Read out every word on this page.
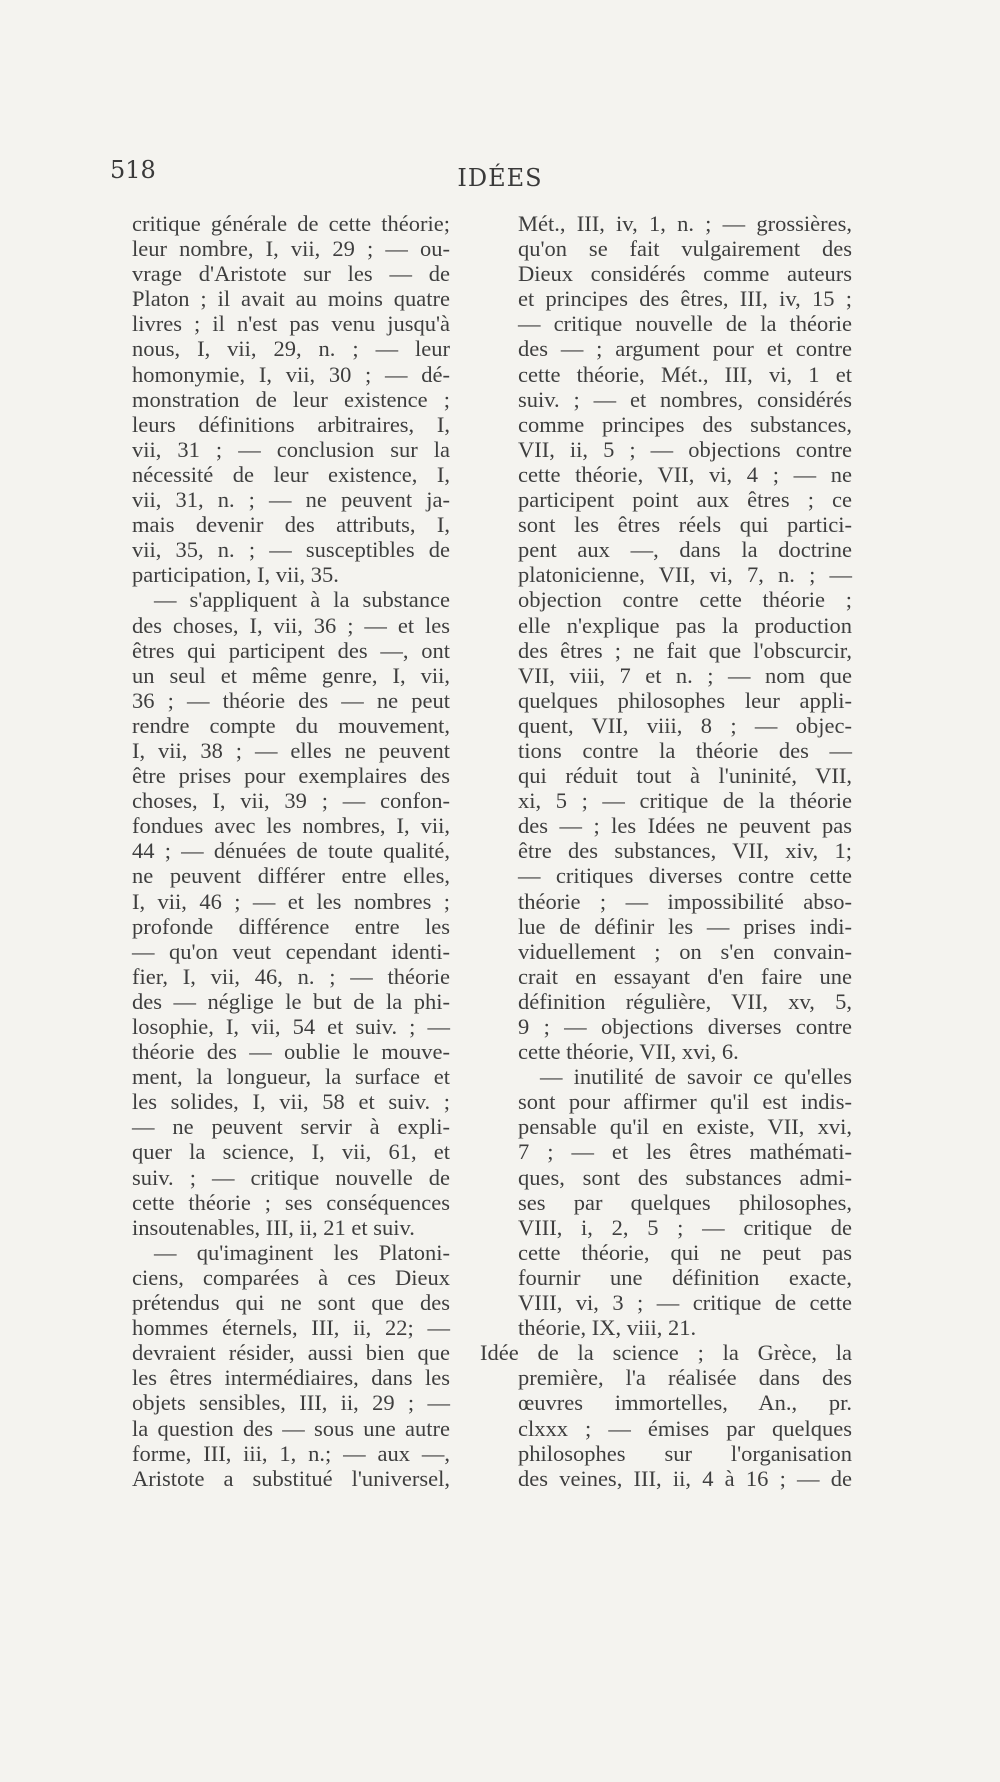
518	IDÉES
critique générale de cette théorie;
leur nombre, I, vii, 29 ; — ou-
vrage d'Aristote sur les — de
Platon ; il avait au moins quatre
livres ; il n'est pas venu jusqu'à
nous, I, vii, 29, n. ; — leur
homonymie, I, vii, 30 ; — dé-
monstration de leur existence ;
leurs définitions arbitraires, I,
vii, 31 ; — conclusion sur la
nécessité de leur existence, I,
vii, 31, n. ; — ne peuvent ja-
mais devenir des attributs, I,
vii, 35, n. ; — susceptibles de
participation, I, vii, 35.
— s'appliquent à la substance
des choses, I, vii, 36 ; — et les
êtres qui participent des —, ont
un seul et même genre, I, vii,
36 ; — théorie des — ne peut
rendre compte du mouvement,
I, vii, 38 ; — elles ne peuvent
être prises pour exemplaires des
choses, I, vii, 39 ; — confon-
fondues avec les nombres, I, vii,
44 ; — dénuées de toute qualité,
ne peuvent différer entre elles,
I, vii, 46 ; — et les nombres ;
profonde différence entre les
— qu'on veut cependant identi-
fier, I, vii, 46, n. ; — théorie
des — néglige le but de la phi-
losophie, I, vii, 54 et suiv. ; —
théorie des — oublie le mouve-
ment, la longueur, la surface et
les solides, I, vii, 58 et suiv. ;
— ne peuvent servir à expli-
quer la science, I, vii, 61, et
suiv. ; — critique nouvelle de
cette théorie ; ses conséquences
insoutenables, III, ii, 21 et suiv.
— qu'imaginent les Platoni-
ciens, comparées à ces Dieux
prétendus qui ne sont que des
hommes éternels, III, ii, 22; —
devraient résider, aussi bien que
les êtres intermédiaires, dans les
objets sensibles, III, ii, 29 ; —
la question des — sous une autre
forme, III, iii, 1, n.; — aux —,
Aristote a substitué l'universel,
Mét., III, iv, 1, n. ; — grossières,
qu'on se fait vulgairement des
Dieux considérés comme auteurs
et principes des êtres, III, iv, 15 ;
— critique nouvelle de la théorie
des — ; argument pour et contre
cette théorie, Mét., III, vi, 1 et
suiv. ; — et nombres, considérés
comme principes des substances,
VII, ii, 5 ; — objections contre
cette théorie, VII, vi, 4 ; — ne
participent point aux êtres ; ce
sont les êtres réels qui partici-
pent aux —, dans la doctrine
platonicienne, VII, vi, 7, n. ; —
objection contre cette théorie ;
elle n'explique pas la production
des êtres ; ne fait que l'obscurcir,
VII, viii, 7 et n. ; — nom que
quelques philosophes leur appli-
quent, VII, viii, 8 ; — objec-
tions contre la théorie des —
qui réduit tout à l'uninité, VII,
xi, 5 ; — critique de la théorie
des — ; les Idées ne peuvent pas
être des substances, VII, xiv, 1;
— critiques diverses contre cette
théorie ; — impossibilité abso-
lue de définir les — prises indi-
viduellement ; on s'en convain-
crait en essayant d'en faire une
définition régulière, VII, xv, 5,
9 ; — objections diverses contre
cette théorie, VII, xvi, 6.
— inutilité de savoir ce qu'elles
sont pour affirmer qu'il est indis-
pensable qu'il en existe, VII, xvi,
7 ; — et les êtres mathémati-
ques, sont des substances admi-
ses par quelques philosophes,
VIII, i, 2, 5 ; — critique de
cette théorie, qui ne peut pas
fournir une définition exacte,
VIII, vi, 3 ; — critique de cette
théorie, IX, viii, 21.
Idée de la science ; la Grèce, la
première, l'a réalisée dans des
œuvres immortelles, An., pr.
clxxx ; — émises par quelques
philosophes sur l'organisation
des veines, III, ii, 4 à 16 ; — de
